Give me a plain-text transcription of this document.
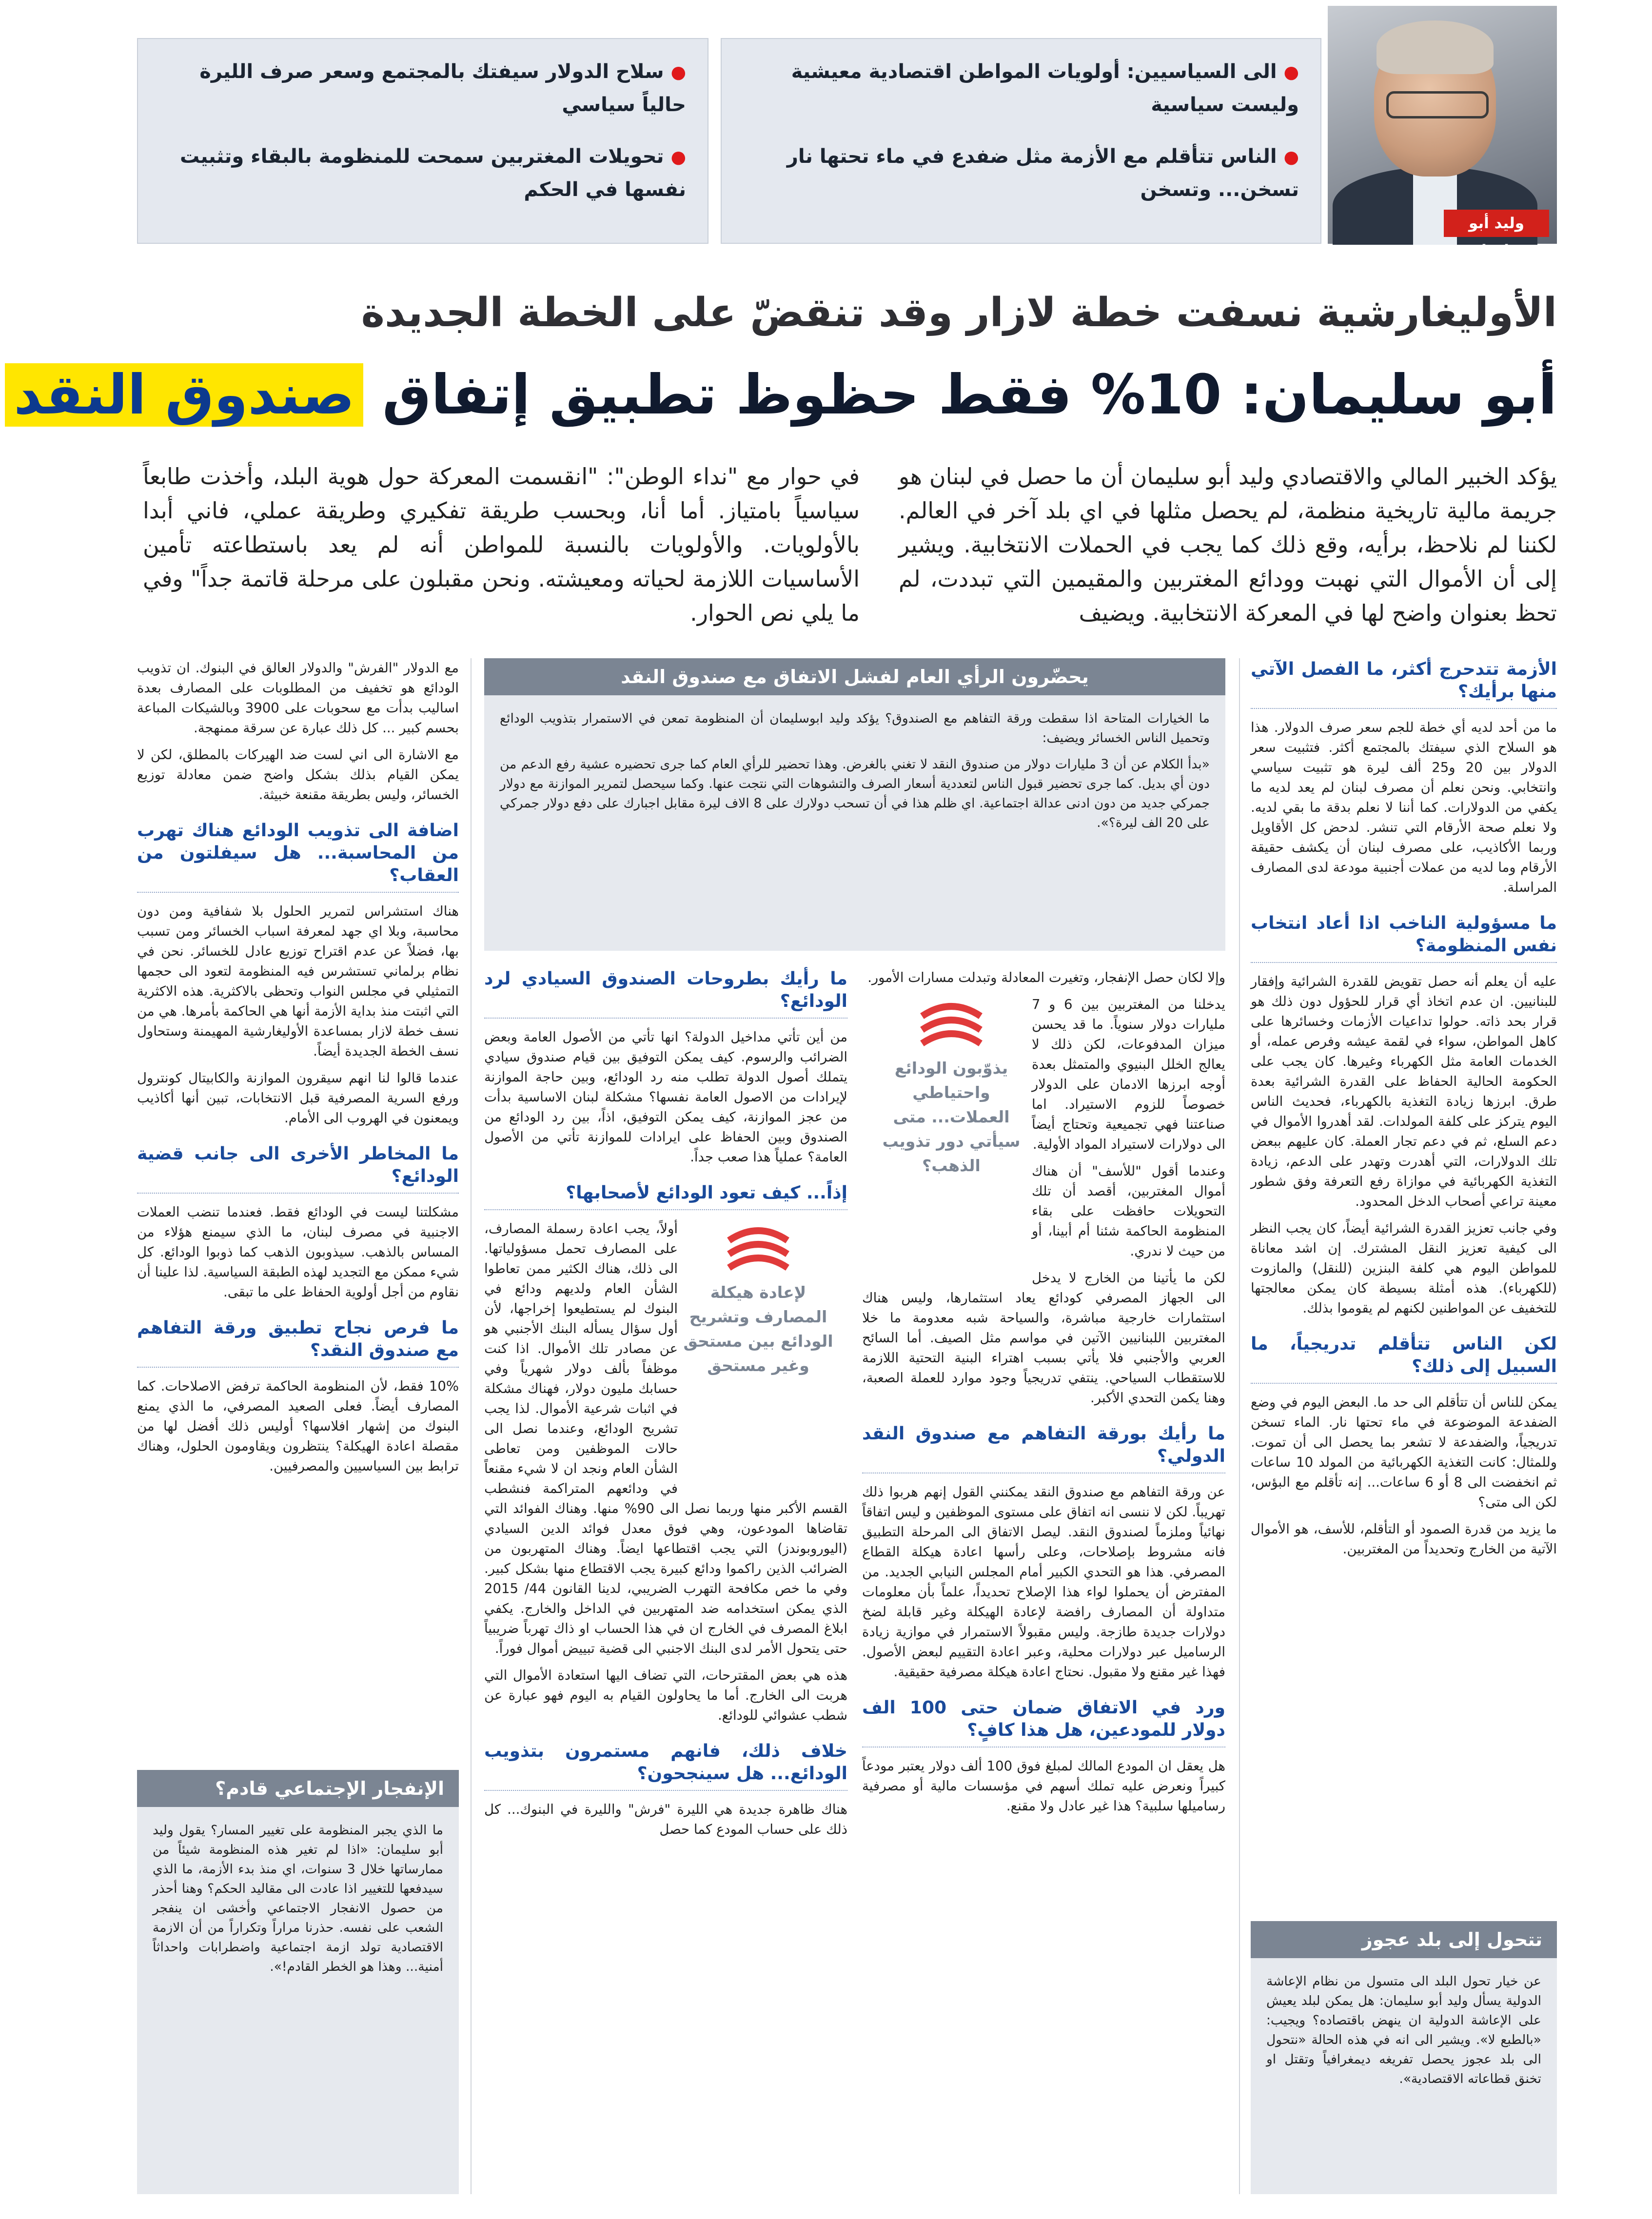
●الى السياسيين: أولويات المواطن اقتصادية معيشية وليست سياسية
●الناس تتأقلم مع الأزمة مثل ضفدع في ماء تحتها نار تسخن... وتسخن
●سلاح الدولار سيفتك بالمجتمع وسعر صرف الليرة حالياً سياسي
●تحويلات المغتربين سمحت للمنظومة بالبقاء وتثبيت نفسها في الحكم
وليد أبو سليمان
الأوليغارشية نسفت خطة لازار وقد تنقضّ على الخطة الجديدة
أبو سليمان: 10% فقط حظوظ تطبيق إتفاق صندوق النقد
يؤكد الخبير المالي والاقتصادي وليد أبو سليمان أن ما حصل في لبنان هو جريمة مالية تاريخية منظمة، لم يحصل مثلها في اي بلد آخر في العالم. لكننا لم نلاحظ، برأيه، وقع ذلك كما يجب في الحملات الانتخابية. ويشير إلى أن الأموال التي نهبت وودائع المغتربين والمقيمين التي تبددت، لم تحظ بعنوان واضح لها في المعركة الانتخابية. ويضيف
في حوار مع "نداء الوطن": "انقسمت المعركة حول هوية البلد، وأخذت طابعاً سياسياً بامتياز. أما أنا، وبحسب طريقة تفكيري وطريقة عملي، فاني أبدا بالأولويات. والأولويات بالنسبة للمواطن أنه لم يعد باستطاعته تأمين الأساسيات اللازمة لحياته ومعيشته. ونحن مقبلون على مرحلة قاتمة جداً" وفي ما يلي نص الحوار.
الأزمة تتدحرج أكثر، ما الفصل الآتي منها برأيك؟

ما من أحد لديه أي خطة للجم سعر صرف الدولار. هذا هو السلاح الذي سيفتك بالمجتمع أكثر. فتثبيت سعر الدولار بين 20 و25 ألف ليرة هو تثبيت سياسي وانتخابي. ونحن نعلم أن مصرف لبنان لم يعد لديه ما يكفي من الدولارات. كما أننا لا نعلم بدقة ما بقي لديه. ولا نعلم صحة الأرقام التي تنشر. لدحض كل الأقاويل وربما الأكاذيب، على مصرف لبنان أن يكشف حقيقة الأرقام وما لديه من عملات أجنبية مودعة لدى المصارف المراسلة.

ما مسؤولية الناخب اذا أعاد انتخاب نفس المنظومة؟

عليه أن يعلم أنه حصل تقويض للقدرة الشرائية وإفقار للبنانيين. ان عدم اتخاذ أي قرار للحؤول دون ذلك هو قرار بحد ذاته. حولوا تداعيات الأزمات وخسائرها على كاهل المواطن، سواء في لقمة عيشه وفرص عمله، أو الخدمات العامة مثل الكهرباء وغيرها. كان يجب على الحكومة الحالية الحفاظ على القدرة الشرائية بعدة طرق. ابرزها زيادة التغذية بالكهرباء، فحديث الناس اليوم يتركز على كلفة المولدات. لقد أهدروا الأموال في دعم السلع، ثم في دعم تجار العملة. كان عليهم ببعض تلك الدولارات، التي أهدرت وتهدر على الدعم، زيادة التغذية الكهربائية في موازاة رفع التعرفة وفق شطور معينة تراعي أصحاب الدخل المحدود.

وفي جانب تعزيز القدرة الشرائية أيضاً، كان يجب النظر الى كيفية تعزيز النقل المشترك. إن اشد معاناة للمواطن اليوم هي كلفة البنزين (للنقل) والمازوت (للكهرباء). هذه أمثلة بسيطة كان يمكن معالجتها للتخفيف عن المواطنين لكنهم لم يقوموا بذلك.

لكن الناس تتأقلم تدريجياً، ما السبيل إلى ذلك؟

يمكن للناس أن تتأقلم الى حد ما. البعض اليوم في وضع الضفدعة الموضوعة في ماء تحتها نار. الماء تسخن تدريجياً، والضفدعة لا تشعر بما يحصل الى أن تموت. وللمثال: كانت التغذية الكهربائية من المولد 10 ساعات ثم انخفضت الى 8 أو 6 ساعات... إنه تأقلم مع البؤس، لكن الى متى؟

ما يزيد من قدرة الصمود أو التأقلم، للأسف، هو الأموال الآتية من الخارج وتحديداً من المغتربين.

تتحول إلى بلد عجوز
عن خيار تحول البلد الى متسول من نظام الإعاشة الدولية يسأل وليد أبو سليمان: هل يمكن لبلد يعيش على الإعاشة الدولية ان ينهض باقتصاده؟ ويجيب: «بالطبع لا». ويشير الى انه في هذه الحالة «نتحول الى بلد عجوز يحصل تفريغه ديمغرافياً وتقتل او تخنق قطاعاته الاقتصادية».
يحضّرون الرأي العام لفشل الاتفاق مع صندوق النقد

ما الخيارات المتاحة اذا سقطت ورقة التفاهم مع الصندوق؟ يؤكد وليد ابوسليمان أن المنظومة تمعن في الاستمرار بتذويب الودائع وتحميل الناس الخسائر ويضيف:

«بدأ الكلام عن أن 3 مليارات دولار من صندوق النقد لا تغني بالغرض. وهذا تحضير للرأي العام كما جرى تحضيره عشية رفع الدعم من دون أي بديل. كما جرى تحضير قبول الناس لتعددية أسعار الصرف والتشوهات التي نتجت عنها. وكما سيحصل لتمرير الموازنة مع دولار جمركي جديد من دون ادنى عدالة اجتماعية. اي ظلم هذا في أن تسحب دولارك على 8 الاف ليرة مقابل اجبارك على دفع دولار جمركي على 20 الف ليرة؟».

وإلا لكان حصل الإنفجار، وتغيرت المعادلة وتبدلت مسارات الأمور.

يذوّبون الودائع واحتياطي العملات... متى سيأتي دور تذويب الذهب؟

يدخلنا من المغتربين بين 6 و 7 مليارات دولار سنوياً. ما قد يحسن ميزان المدفوعات، لكن ذلك لا يعالج الخلل البنيوي والمتمثل بعدة أوجه ابرزها الادمان على الدولار خصوصاً للزوم الاستيراد. اما صناعتنا فهي تجميعية وتحتاج أيضاً الى دولارات لاستيراد المواد الأولية.

وعندما أقول "للأسف" أن هناك أموال المغتربين، أقصد أن تلك التحويلات حافظت على بقاء المنظومة الحاكمة شئنا أم أبينا، أو من حيث لا ندري.

لكن ما يأتينا من الخارج لا يدخل الى الجهاز المصرفي كودائع يعاد استثمارها، وليس هناك استثمارات خارجية مباشرة، والسياحة شبه معدومة ما خلا المغتربين اللبنانيين الآتين في مواسم مثل الصيف. أما السائح العربي والأجنبي فلا يأتي بسبب اهتراء البنية التحتية اللازمة للاستقطاب السياحي. ينتفي تدريجياً وجود موارد للعملة الصعبة، وهنا يكمن التحدي الأكبر.

ما رأيك بورقة التفاهم مع صندوق النقد الدولي؟

عن ورقة التفاهم مع صندوق النقد يمكنني القول إنهم هربوا ذلك تهريباً. لكن لا ننسى انه اتفاق على مستوى الموظفين و ليس اتفاقاً نهائياً وملزماً لصندوق النقد. ليصل الاتفاق الى المرحلة التطبيق فانه مشروط بإصلاحات، وعلى رأسها اعادة هيكلة القطاع المصرفي. هذا هو التحدي الكبير أمام المجلس النيابي الجديد. من المفترض أن يحملوا لواء هذا الإصلاح تحديداً، علماً بأن معلومات متداولة أن المصارف رافضة لإعادة الهيكلة وغير قابلة لضخ دولارات جديدة طازجة. وليس مقبولاً الاستمرار في موازية زيادة الرساميل عبر دولارات محلية، وعبر اعادة التقييم لبعض الأصول. فهذا غير مقنع ولا مقبول. نحتاج اعادة هيكلة مصرفية حقيقية.

ورد في الاتفاق ضمان حتى 100 الف دولار للمودعين، هل هذا كافٍ؟

هل يعقل ان المودع المالك لمبلغ فوق 100 ألف دولار يعتبر مودعاً كبيراً ونعرض عليه تملك أسهم في مؤسسات مالية أو مصرفية رساميلها سلبية؟ هذا غير عادل ولا مقنع.

ما رأيك بطروحات الصندوق السيادي لرد الودائع؟

من أين تأتي مداخيل الدولة؟ انها تأتي من الأصول العامة وبعض الضرائب والرسوم. كيف يمكن التوفيق بين قيام صندوق سيادي يتملك أصول الدولة تطلب منه رد الودائع، وبين حاجة الموازنة لإيرادات من الاصول العامة نفسها؟ مشكلة لبنان الاساسية بدأت من عجز الموازنة، كيف يمكن التوفيق، اذاً، بين رد الودائع من الصندوق وبين الحفاظ على ايرادات للموازنة تأتي من الأصول العامة؟ عملياً هذا صعب جداً.

إذاً... كيف تعود الودائع لأصحابها؟
لإعادة هيكلة المصارف وتشريح الودائع بين مستحق وغير مستحق

أولاً، يجب اعادة رسملة المصارف، على المصارف تحمل مسؤولياتها. الى ذلك، هناك الكثير ممن تعاطوا الشأن العام ولديهم ودائع في البنوك لم يستطيعوا إخراجها، لأن أول سؤال يسأله البنك الأجنبي هو عن مصادر تلك الأموال. اذا كنت موظفاً بألف دولار شهرياً وفي حسابك مليون دولار، فهناك مشكلة في اثبات شرعية الأموال. لذا يجب تشريح الودائع، وعندما نصل الى حالات الموظفين ومن تعاطى الشأن العام ونجد ان لا شيء مقنعاً في ودائعهم المتراكمة فنشطب القسم الأكبر منها وربما نصل الى 90% منها. وهناك الفوائد التي تقاضاها المودعون، وهي فوق معدل فوائد الدين السيادي (اليوروبوندز) التي يجب اقتطاعها ايضاً. وهناك المتهربون من الضرائب الذين راكموا ودائع كبيرة يجب الاقتطاع منها بشكل كبير. وفي ما خص مكافحة التهرب الضريبي، لدينا القانون 44/ 2015 الذي يمكن استخدامه ضد المتهربين في الداخل والخارج. يكفي ابلاغ المصرف في الخارج ان في هذا الحساب او ذاك تهرباً ضريبياً حتى يتحول الأمر لدى البنك الاجنبي الى قضية تبييض أموال فوراً.

هذه هي بعض المقترحات، التي تضاف اليها استعادة الأموال التي هربت الى الخارج. أما ما يحاولون القيام به اليوم فهو عبارة عن شطب عشوائي للودائع.

خلاف ذلك، فانهم مستمرون بتذويب الودائع... هل سينجحون؟

هناك ظاهرة جديدة هي الليرة "فرش" والليرة في البنوك... كل ذلك على حساب المودع كما حصل

مع الدولار "الفرش" والدولار العالق في البنوك. ان تذويب الودائع هو تخفيف من المطلوبات على المصارف بعدة اساليب بدأت مع سحوبات على 3900 وبالشيكات المباعة بحسم كبير ... كل ذلك عبارة عن سرقة ممنهجة.

مع الاشارة الى اني لست ضد الهيركات بالمطلق، لكن لا يمكن القيام بذلك بشكل واضح ضمن معادلة توزيع الخسائر، وليس بطريقة مقنعة خبيثة.

اضافة الى تذويب الودائع هناك تهرب من المحاسبة... هل سيفلتون من العقاب؟

هناك استشراس لتمرير الحلول بلا شفافية ومن دون محاسبة، وبلا اي جهد لمعرفة اسباب الخسائر ومن تسبب بها، فضلاً عن عدم اقتراح توزيع عادل للخسائر. نحن في نظام برلماني تستشرس فيه المنظومة لتعود الى حجمها التمثيلي في مجلس النواب وتحظى بالاكثرية. هذه الاكثرية التي اثبتت منذ بداية الأزمة أنها هي الحاكمة بأمرها. هي من نسف خطة لازار بمساعدة الأوليغارشية المهيمنة وستحاول نسف الخطة الجديدة أيضاً.

عندما قالوا لنا انهم سيقرون الموازنة والكابيتال كونترول ورفع السرية المصرفية قبل الانتخابات، تبين أنها أكاذيب ويمعنون في الهروب الى الأمام.

ما المخاطر الأخرى الى جانب قضية الودائع؟

مشكلتنا ليست في الودائع فقط. فعندما تنضب العملات الاجنبية في مصرف لبنان، ما الذي سيمنع هؤلاء من المساس بالذهب. سيذوبون الذهب كما ذوبوا الودائع. كل شيء ممكن مع التجديد لهذه الطبقة السياسية. لذا علينا أن نقاوم من أجل أولوية الحفاظ على ما تبقى.

ما فرص نجاح تطبيق ورقة التفاهم مع صندوق النقد؟

10% فقط، لأن المنظومة الحاكمة ترفض الاصلاحات. كما المصارف أيضاً. فعلى الصعيد المصرفي، ما الذي يمنع البنوك من إشهار افلاسها؟ أوليس ذلك أفضل لها من مقصلة اعادة الهيكلة؟ ينتظرون ويقاومون الحلول، وهناك ترابط بين السياسيين والمصرفيين.

الإنفجار الإجتماعي قادم؟
ما الذي يجبر المنظومة على تغيير المسار؟ يقول وليد أبو سليمان: «اذا لم تغير هذه المنظومة شيئاً من ممارساتها خلال 3 سنوات، اي منذ بدء الأزمة، ما الذي سيدفعها للتغيير اذا عادت الى مقاليد الحكم؟ وهنا أحذر من حصول الانفجار الاجتماعي وأخشى ان ينفجر الشعب على نفسه. حذرنا مراراً وتكراراً من أن الازمة الاقتصادية تولد ازمة اجتماعية واضطرابات واحداثاً أمنية... وهذا هو الخطر القادم!».
